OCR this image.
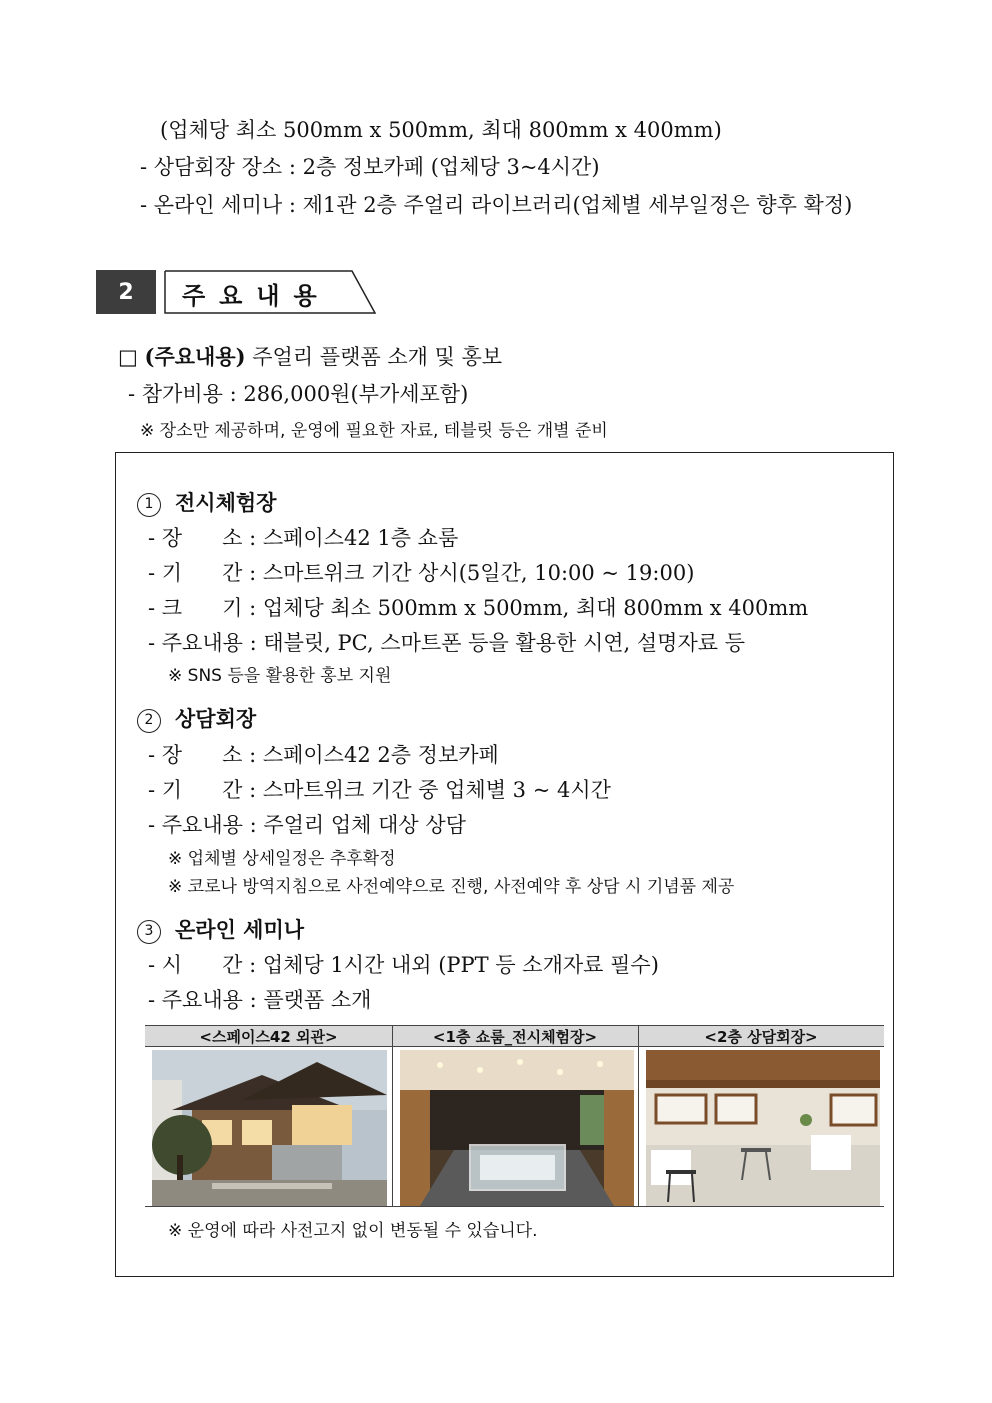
(업체당 최소 500mm x 500mm, 최대 800mm x 400mm)
- 상담회장 장소 : 2층 정보카페 (업체당 3~4시간)
- 온라인 세미나 : 제1관 2층 주얼리 라이브러리(업체별 세부일정은 향후 확정)
2	주요내용
□ (주요내용) 주얼리 플랫폼 소개 및 홍보
- 참가비용 : 286,000원(부가세포함)
※ 장소만 제공하며, 운영에 필요한 자료, 테블릿 등은 개별 준비
1 전시체험장
- 장      소 : 스페이스42 1층 쇼룸
- 기      간 : 스마트위크 기간 상시(5일간, 10:00 ~ 19:00)
- 크      기 : 업체당 최소 500mm x 500mm, 최대 800mm x 400mm
- 주요내용 : 태블릿, PC, 스마트폰 등을 활용한 시연, 설명자료 등
※ SNS 등을 활용한 홍보 지원
2 상담회장
- 장      소 : 스페이스42 2층 정보카페
- 기      간 : 스마트위크 기간 중 업체별 3 ~ 4시간
- 주요내용 : 주얼리 업체 대상 상담
※ 업체별 상세일정은 추후확정
※ 코로나 방역지침으로 사전예약으로 진행, 사전예약 후 상담 시 기념품 제공
3 온라인 세미나
- 시      간 : 업체당 1시간 내외 (PPT 등 소개자료 필수)
- 주요내용 : 플랫폼 소개
<스페이스42 외관>	<1층 쇼룸_전시체험장>	<2층 상담회장>
※ 운영에 따라 사전고지 없이 변동될 수 있습니다.
